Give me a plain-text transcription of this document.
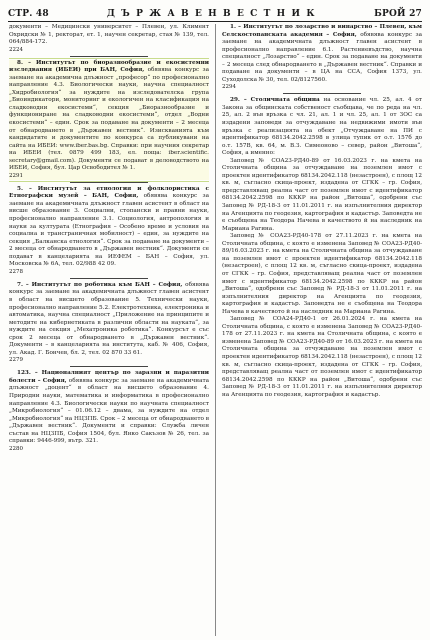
СТР. 48	Д Ъ Р Ж А В Е Н В Е С Т Н И К	БРОЙ 27

документи – Медицински университет – Плевен, ул. Климент Охридски № 1, ректорат, ет. 1, научен секретар, стая № 139, тел. 064/884-172.

2224

8. – Институтът по биоразнообразие и екосистемни изследвания (ИБЕИ) при БАН, София, обявява конкурс за заемане на академична длъжност „професор“ по професионално направление 4.3. Биологически науки, научна специалност „Хидробиология“ за нуждите на изследователска група „Биоиндикатори, мониторинг и екологичен на класификация на сладководни екосистеми“, секция „Биоразнообразие и функциониране на сладководни екосистеми“, отдел „Водни екосистеми“ – един. Срок за подаване на документи – 2 месеца от обнародването в „Държавен вестник“. Изискванията към кандидатите и документите по конкурса са публикувани на сайта на ИБЕИ: www.iber.bas.bg. Справки: при научния секретар на ИБЕИ (тел. 0879 499 183, ел. поща: iber.scientific. secretary@gmail.com). Документи се подават в деловодството на ИБЕИ, София, бул. Цар Освободител № 1.

2291

5. – Институтът за етнология и фолклористика с Етнографски музей – БАН, София, обявява конкурс за заемане на академичната длъжност главен асистент в област на висше образование 3. Социални, стопански и правни науки, професионално направление 3.1. Социология, антропология и науки за културата (Етнография – Особено време и условия на социална и трансграничная мобилност) – един, за нуждите на секция „Балканска етнология“. Срок за подаване на документи – 2 месеца от обнародването в „Държавен вестник“. Документи се подават в канцеларията на ИЕФЕМ – БАН – София, ул. Московска № 6А, тел. 02/988 42 09.

2278

7. – Институтът по роботика към БАН – София, обявява конкурс за заемане на академичната длъжност главен асистент в област на висшето образование 5. Технически науки, професионално направление 5.2. Електротехника, електроника и автоматика, научна специалност „Приложение на принципите и методите на кибернетиката в различни области на науката“, за нуждите на секция „Мехатроника роботика“. Конкурсът е със срок 2 месеца от обнародването в „Държавен вестник“. Документи – в канцеларията на института, каб. № 406, София, ул. Акад. Г. Бончев, бл. 2, тел. 02 870 33 61.

2279

123. – Националният център по заразни и паразитни болести – София, обявява конкурс за заемане на академичната длъжност „доцент“ в област на висшето образование 4. Природни науки, математика и информатика в професионално направление 4.3. Биологически науки по научната специалност „Микробиология“ – 01.06.12 – двама, за нуждите на отдел „Микробиология“ на НЦЗПБ. Срок – 2 месеца от обнародването в „Държавен вестник“. Документи и справки: Служба личен състав на НЦЗПБ, София 1504, бул. Янко Сакъзов № 26, тел. за справки: 9446-999, вътр. 321.

2280

1. – Институтът по лозарство и винарство – Плевен, към Селскостопанската академия – София, обявява конкурс за заемане на академичната длъжност главен асистент в професионално направление 6.1. Растениевъдство, научна специалност „Лозарство“ – един. Срок за подаване на документи – 2 месеца след обнародването в „Държавен вестник“. Справки и подаване на документи – в ЦА на ССА, София 1373, ул. Суходолска № 30, тел. 02/8127560.

2294

29. – Столичната община на основание чл. 25, ал. 4 от Закона за общинската собственост съобщава, че по реда на чл. 25, ал. 2 във връзка с чл. 21, ал. 1 и чл. 25, ал. 1 от ЗОС са издадени заповеди за отчуждаване на недвижими имоти във връзка с реализацията на обект „Отчуждаване на ПИ с идентификатор 68134.2042.2598 в улица тупик от о.т. 157б до о.т. 157В, кв. 64, м. В.З. Симеоново – север, район „Витоша“, София, а именно:

Заповед № СОА23-РД40-89 от 16.03.2023 г. на кмета на Столичната община за отчуждаване на поземлен имот с проектен идентификатор 68134.2042.118 (незастроен), с площ 12 кв. м, съгласно скица-проект, издадена от СГКК – гр. София, представляващ реална част от поземлен имот с идентификатор 68134.2042.2598 по КККР на район „Витоша“, одобрени със Заповед № РД-18-3 от 11.01.2011 г. на изпълнителния директор на Агенцията по геодезия, картография и кадастър. Заповедта не е съобщена на Теодора Начева в качеството й на наследник на Мариана Рагина.

Заповед № СОА23-РД40-178 от 27.11.2023 г. на кмета на Столичната община, с която е изменена Заповед № СОА23-РД40-89/16.03.2023 г. на кмета на Столичната община за отчуждаване на поземлен имот с проектен идентификатор 68134.2042.118 (незастроен), с площ 12 кв. м, съгласно скица-проект, издадена от СГКК – гр. София, представляващ реална част от поземлен имот с идентификатор 68134.2042.2598 по КККР на район „Витоша“, одобрени със Заповед № РД-18-3 от 11.01.2011 г. на изпълнителния директор на Агенцията по геодезия, картография и кадастър. Заповедта не е съобщена на Теодора Начева в качеството й на наследник на Мариана Рагина.

Заповед № СОА24-РД40-1 от 26.01.2024 г. на кмета на Столичната община, с която е изменена Заповед № СОА23-РД40-178 от 27.11.2023 г. на кмета на Столичната община, с която е изменена Заповед № СОА23-РД40-89 от 16.03.2023 г. на кмета на Столичната община за отчуждаване на поземлен имот с проектен идентификатор 68134.2042.118 (незастроен), с площ 12 кв. м, съгласно скица-проект, издадена от СГКК – гр. София, представляващ реална част от поземлен имот с идентификатор 68134.2042.2598 по КККР на район „Витоша“, одобрени със Заповед № РД-18-3 от 11.01.2011 г. на изпълнителния директор на Агенцията по геодезия, картография и кадастър.
